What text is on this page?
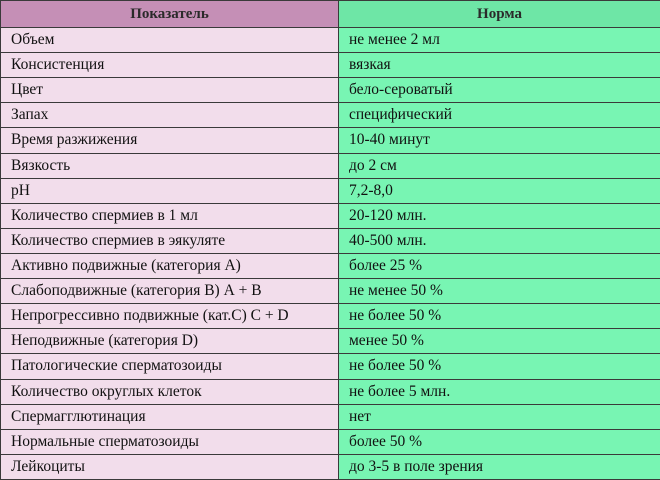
Показатель	Норма
Объем	не менее 2 мл
Консистенция	вязкая
Цвет	бело-сероватый
Запах	специфический
Время разжижения	10-40 минут
Вязкость	до 2 см
pH	7,2-8,0
Количество спермиев в 1 мл	20-120 млн.
Количество спермиев в эякуляте	40-500 млн.
Активно подвижные (категория А)	более 25 %
Слабоподвижные (категория В) А + В	не менее 50 %
Непрогрессивно подвижные (кат.С) С + D	не более 50 %
Неподвижные (категория D)	менее 50 %
Патологические сперматозоиды	не более 50 %
Количество округлых клеток	не более 5 млн.
Спермагглютинация	нет
Нормальные сперматозоиды	более 50 %
Лейкоциты	до 3-5 в поле зрения
